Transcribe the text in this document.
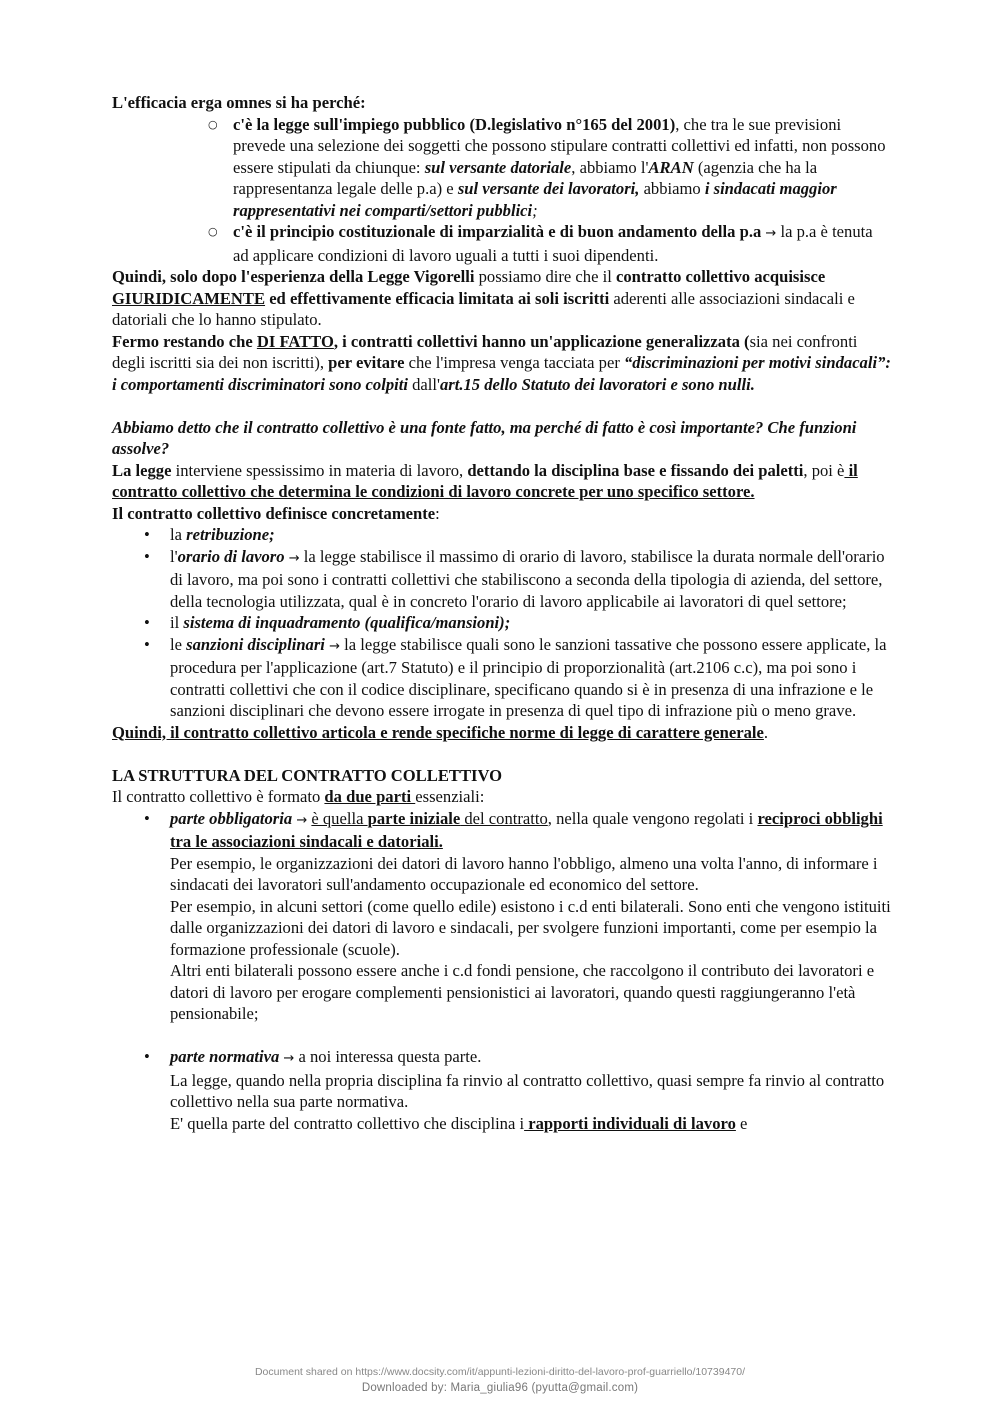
L'efficacia erga omnes si ha perché:

○ c'è la legge sull'impiego pubblico (D.legislativo n°165 del 2001), che tra le sue previsioni prevede una selezione dei soggetti che possono stipulare contratti collettivi ed infatti, non possono essere stipulati da chiunque: sul versante datoriale, abbiamo l'ARAN (agenzia che ha la rappresentanza legale delle p.a) e sul versante dei lavoratori, abbiamo i sindacati maggior rappresentativi nei comparti/settori pubblici;
○ c'è il principio costituzionale di imparzialità e di buon andamento della p.a → la p.a è tenuta ad applicare condizioni di lavoro uguali a tutti i suoi dipendenti.

Quindi, solo dopo l'esperienza della Legge Vigorelli possiamo dire che il contratto collettivo acquisisce GIURIDICAMENTE ed effettivamente efficacia limitata ai soli iscritti aderenti alle associazioni sindacali e datoriali che lo hanno stipulato.

Fermo restando che DI FATTO, i contratti collettivi hanno un'applicazione generalizzata (sia nei confronti degli iscritti sia dei non iscritti), per evitare che l'impresa venga tacciata per “discriminazioni per motivi sindacali”: i comportamenti discriminatori sono colpiti dall'art.15 dello Statuto dei lavoratori e sono nulli.

Abbiamo detto che il contratto collettivo è una fonte fatto, ma perché di fatto è così importante? Che funzioni assolve?

La legge interviene spessissimo in materia di lavoro, dettando la disciplina base e fissando dei paletti, poi è il contratto collettivo che determina le condizioni di lavoro concrete per uno specifico settore.

Il contratto collettivo definisce concretamente:

• la retribuzione;
• l'orario di lavoro → la legge stabilisce il massimo di orario di lavoro, stabilisce la durata normale dell'orario di lavoro, ma poi sono i contratti collettivi che stabiliscono a seconda della tipologia di azienda, del settore, della tecnologia utilizzata, qual è in concreto l'orario di lavoro applicabile ai lavoratori di quel settore;
• il sistema di inquadramento (qualifica/mansioni);
• le sanzioni disciplinari → la legge stabilisce quali sono le sanzioni tassative che possono essere applicate, la procedura per l'applicazione (art.7 Statuto) e il principio di proporzionalità (art.2106 c.c), ma poi sono i contratti collettivi che con il codice disciplinare, specificano quando si è in presenza di una infrazione e le sanzioni disciplinari che devono essere irrogate in presenza di quel tipo di infrazione più o meno grave.

Quindi, il contratto collettivo articola e rende specifiche norme di legge di carattere generale.

LA STRUTTURA DEL CONTRATTO COLLETTIVO

Il contratto collettivo è formato da due parti essenziali:

• parte obbligatoria → è quella parte iniziale del contratto, nella quale vengono regolati i reciproci obblighi tra le associazioni sindacali e datoriali.

Per esempio, le organizzazioni dei datori di lavoro hanno l'obbligo, almeno una volta l'anno, di informare i sindacati dei lavoratori sull'andamento occupazionale ed economico del settore.

Per esempio, in alcuni settori (come quello edile) esistono i c.d enti bilaterali. Sono enti che vengono istituiti dalle organizzazioni dei datori di lavoro e sindacali, per svolgere funzioni importanti, come per esempio la formazione professionale (scuole).

Altri enti bilaterali possono essere anche i c.d fondi pensione, che raccolgono il contributo dei lavoratori e datori di lavoro per erogare complementi pensionistici ai lavoratori, quando questi raggiungeranno l'età pensionabile;

• parte normativa → a noi interessa questa parte.

La legge, quando nella propria disciplina fa rinvio al contratto collettivo, quasi sempre fa rinvio al contratto collettivo nella sua parte normativa.

E' quella parte del contratto collettivo che disciplina i rapporti individuali di lavoro e

Document shared on https://www.docsity.com/it/appunti-lezioni-diritto-del-lavoro-prof-guarriello/10739470/
Downloaded by: Maria_giulia96 (pyutta@gmail.com)
